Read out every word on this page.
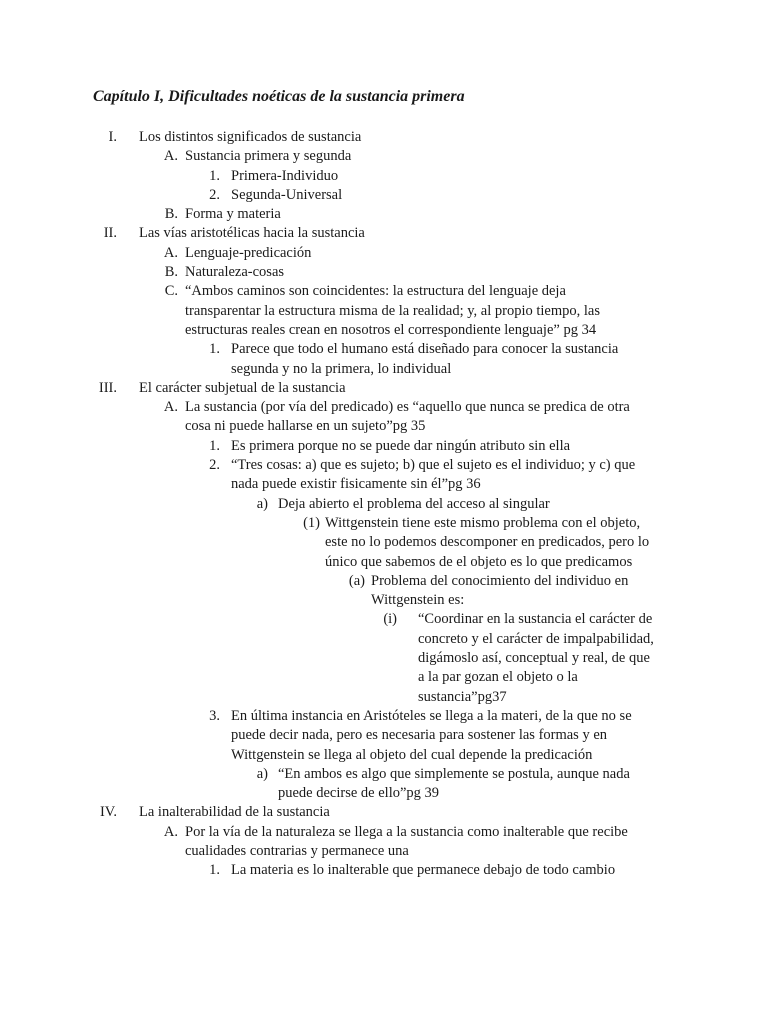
Capítulo I, Dificultades noéticas de la sustancia primera
I. Los distintos significados de sustancia
A. Sustancia primera y segunda
1. Primera-Individuo
2. Segunda-Universal
B. Forma y materia
II. Las vías aristotélicas hacia la sustancia
A. Lenguaje-predicación
B. Naturaleza-cosas
C. “Ambos caminos son coincidentes: la estructura del lenguaje deja
transparentar la estructura misma de la realidad; y, al propio tiempo, las
estructuras reales crean en nosotros el correspondiente lenguaje” pg 34
1. Parece que todo el humano está diseñado para conocer la sustancia
segunda y no la primera, lo individual
III. El carácter subjetual de la sustancia
A. La sustancia (por vía del predicado) es “aquello que nunca se predica de otra
cosa ni puede hallarse en un sujeto”pg 35
1. Es primera porque no se puede dar ningún atributo sin ella
2. “Tres cosas: a) que es sujeto; b) que el sujeto es el individuo; y c) que
nada puede existir fisicamente sin él”pg 36
a) Deja abierto el problema del acceso al singular
(1) Wittgenstein tiene este mismo problema con el objeto,
este no lo podemos descomponer en predicados, pero lo
único que sabemos de el objeto es lo que predicamos
(a) Problema del conocimiento del individuo en
Wittgenstein es:
(i) “Coordinar en la sustancia el carácter de
concreto y el carácter de impalpabilidad,
digámoslo así, conceptual y real, de que
a la par gozan el objeto o la
sustancia”pg37
3. En última instancia en Aristóteles se llega a la materi, de la que no se
puede decir nada, pero es necesaria para sostener las formas y en
Wittgenstein se llega al objeto del cual depende la predicación
a) “En ambos es algo que simplemente se postula, aunque nada
puede decirse de ello”pg 39
IV. La inalterabilidad de la sustancia
A. Por la vía de la naturaleza se llega a la sustancia como inalterable que recibe
cualidades contrarias y permanece una
1. La materia es lo inalterable que permanece debajo de todo cambio
